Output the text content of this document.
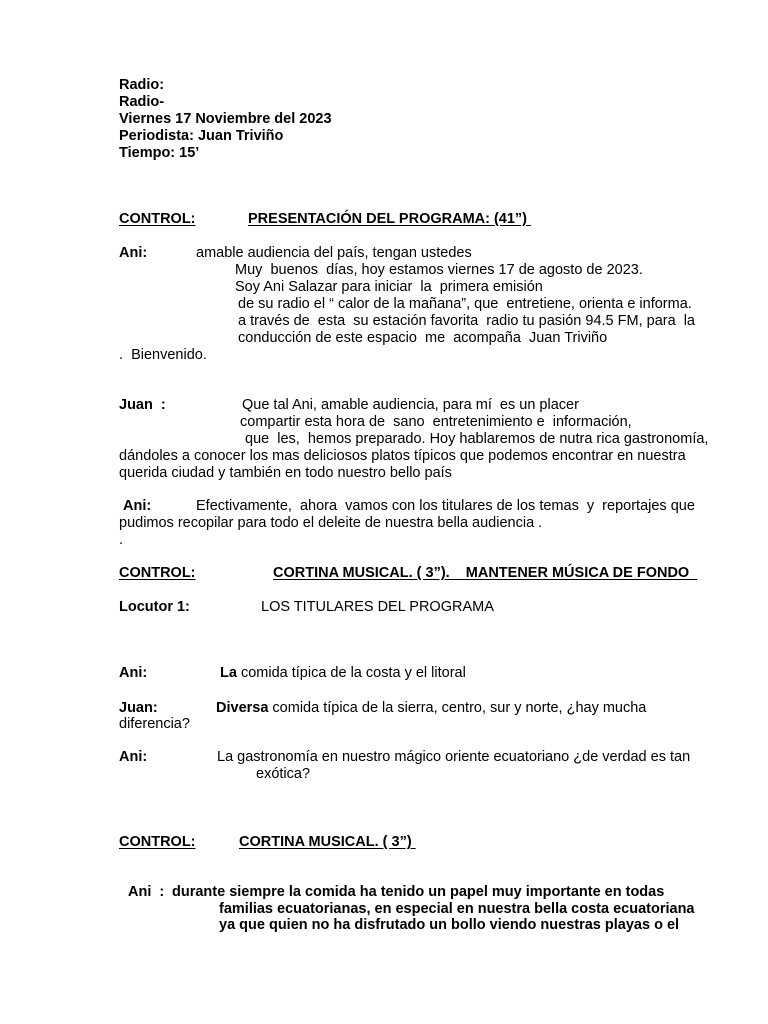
Radio:
Radio-
Viernes 17 Noviembre del 2023
Periodista: Juan Triviño
Tiempo: 15’
CONTROL:	PRESENTACIÓN DEL PROGRAMA: (41”)
Ani:	amable audiencia del país, tengan ustedes
Muy  buenos  días, hoy estamos viernes 17 de agosto de 2023.
Soy Ani Salazar para iniciar  la  primera emisión
de su radio el “ calor de la mañana”, que  entretiene, orienta e informa.
a través de  esta  su estación favorita  radio tu pasión 94.5 FM, para  la
conducción de este espacio  me  acompaña  Juan Triviño
.  Bienvenido.
Juan  :	Que tal Ani, amable audiencia, para mí  es un placer
compartir esta hora de  sano  entretenimiento e  información,
que  les,  hemos preparado. Hoy hablaremos de nutra rica gastronomía,
dándoles a conocer los mas deliciosos platos típicos que podemos encontrar en nuestra
querida ciudad y también en todo nuestro bello país
Ani:	Efectivamente,  ahora  vamos con los titulares de los temas  y  reportajes que
pudimos recopilar para todo el deleite de nuestra bella audiencia .
.
CONTROL:	CORTINA MUSICAL. ( 3”).    MANTENER MÚSICA DE FONDO
Locutor 1:	LOS TITULARES DEL PROGRAMA
Ani:	La comida típica de la costa y el litoral
Juan:	Diversa comida típica de la sierra, centro, sur y norte, ¿hay mucha
diferencia?
Ani:	La gastronomía en nuestro mágico oriente ecuatoriano ¿de verdad es tan
exótica?
CONTROL:	CORTINA MUSICAL. ( 3”)
Ani  : durante siempre la comida ha tenido un papel muy importante en todas
familias ecuatorianas, en especial en nuestra bella costa ecuatoriana
ya que quien no ha disfrutado un bollo viendo nuestras playas o el
